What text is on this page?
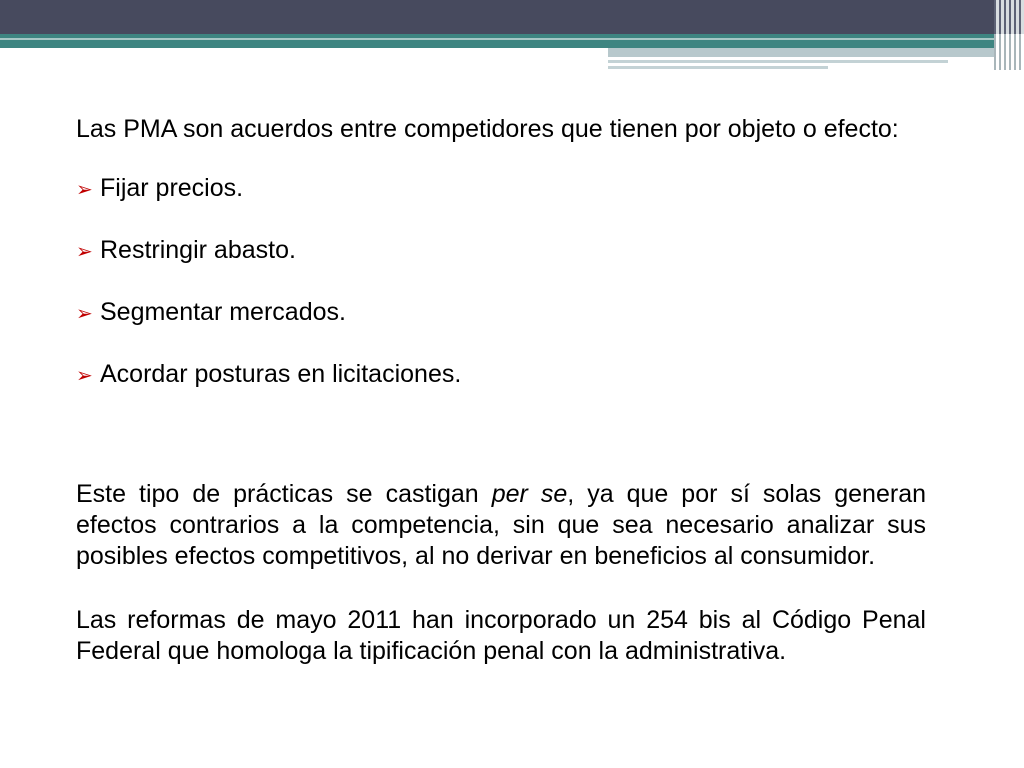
Las PMA son acuerdos entre competidores que tienen por objeto o efecto:

➢ Fijar precios.
➢ Restringir abasto.
➢ Segmentar mercados.
➢ Acordar posturas en licitaciones.

Este tipo de prácticas se castigan per se, ya que por sí solas generan efectos contrarios a la competencia, sin que sea necesario analizar sus posibles efectos competitivos, al no derivar en beneficios al consumidor.

Las reformas de mayo 2011 han incorporado un 254 bis al Código Penal Federal que homologa la tipificación penal con la administrativa.
